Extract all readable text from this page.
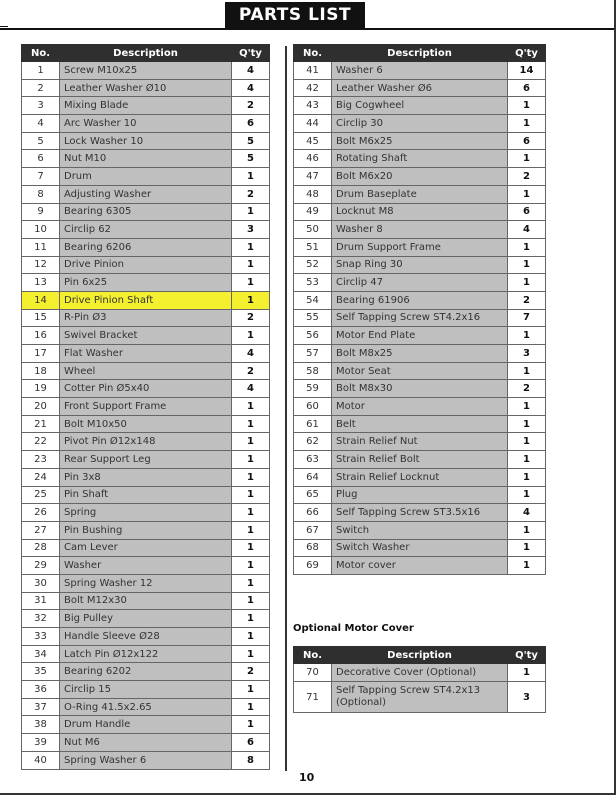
PARTS LIST
No.	Description	Q'ty
1	Screw M10x25	4
2	Leather Washer Ø10	4
3	Mixing Blade	2
4	Arc Washer 10	6
5	Lock Washer 10	5
6	Nut M10	5
7	Drum	1
8	Adjusting Washer	2
9	Bearing 6305	1
10	Circlip 62	3
11	Bearing 6206	1
12	Drive Pinion	1
13	Pin 6x25	1
14	Drive Pinion Shaft	1
15	R-Pin Ø3	2
16	Swivel Bracket	1
17	Flat Washer	4
18	Wheel	2
19	Cotter Pin Ø5x40	4
20	Front Support Frame	1
21	Bolt M10x50	1
22	Pivot Pin Ø12x148	1
23	Rear Support Leg	1
24	Pin 3x8	1
25	Pin Shaft	1
26	Spring	1
27	Pin Bushing	1
28	Cam Lever	1
29	Washer	1
30	Spring Washer 12	1
31	Bolt M12x30	1
32	Big Pulley	1
33	Handle Sleeve Ø28	1
34	Latch Pin Ø12x122	1
35	Bearing 6202	2
36	Circlip 15	1
37	O-Ring 41.5x2.65	1
38	Drum Handle	1
39	Nut M6	6
40	Spring Washer 6	8
No.	Description	Q'ty
41	Washer 6	14
42	Leather Washer Ø6	6
43	Big Cogwheel	1
44	Circlip 30	1
45	Bolt M6x25	6
46	Rotating Shaft	1
47	Bolt M6x20	2
48	Drum Baseplate	1
49	Locknut M8	6
50	Washer 8	4
51	Drum Support Frame	1
52	Snap Ring 30	1
53	Circlip 47	1
54	Bearing 61906	2
55	Self Tapping Screw ST4.2x16	7
56	Motor End Plate	1
57	Bolt M8x25	3
58	Motor Seat	1
59	Bolt M8x30	2
60	Motor	1
61	Belt	1
62	Strain Relief Nut	1
63	Strain Relief Bolt	1
64	Strain Relief Locknut	1
65	Plug	1
66	Self Tapping Screw ST3.5x16	4
67	Switch	1
68	Switch Washer	1
69	Motor cover	1
Optional Motor Cover
No.	Description	Q'ty
70	Decorative Cover (Optional)	1
71	Self Tapping Screw ST4.2x13 (Optional)	3
10
